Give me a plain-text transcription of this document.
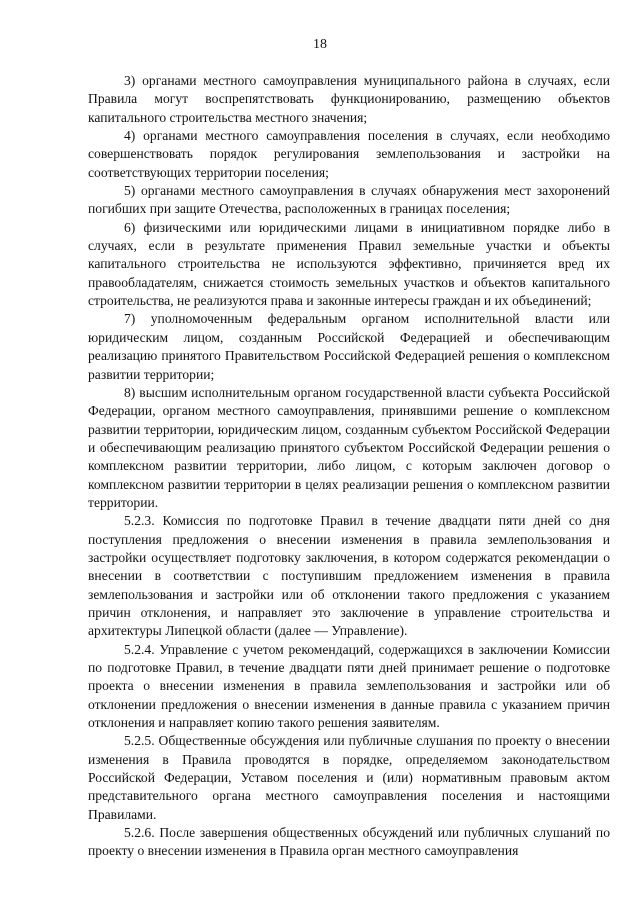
18

3) органами местного самоуправления муниципального района в случаях, если Правила могут воспрепятствовать функционированию, размещению объектов капитального строительства местного значения;

4) органами местного самоуправления поселения в случаях, если необходимо совершенствовать порядок регулирования землепользования и застройки на соответствующих территории поселения;

5) органами местного самоуправления в случаях обнаружения мест захоронений погибших при защите Отечества, расположенных в границах поселения;

6) физическими или юридическими лицами в инициативном порядке либо в случаях, если в результате применения Правил земельные участки и объекты капитального строительства не используются эффективно, причиняется вред их правообладателям, снижается стоимость земельных участков и объектов капитального строительства, не реализуются права и законные интересы граждан и их объединений;

7) уполномоченным федеральным органом исполнительной власти или юридическим лицом, созданным Российской Федерацией и обеспечивающим реализацию принятого Правительством Российской Федерацией решения о комплексном развитии территории;

8) высшим исполнительным органом государственной власти субъекта Российской Федерации, органом местного самоуправления, принявшими решение о комплексном развитии территории, юридическим лицом, созданным субъектом Российской Федерации и обеспечивающим реализацию принятого субъектом Российской Федерации решения о комплексном развитии территории, либо лицом, с которым заключен договор о комплексном развитии территории в целях реализации решения о комплексном развитии территории.

5.2.3. Комиссия по подготовке Правил в течение двадцати пяти дней со дня поступления предложения о внесении изменения в правила землепользования и застройки осуществляет подготовку заключения, в котором содержатся рекомендации о внесении в соответствии с поступившим предложением изменения в правила землепользования и застройки или об отклонении такого предложения с указанием причин отклонения, и направляет это заключение в управление строительства и архитектуры Липецкой области (далее — Управление).

5.2.4. Управление с учетом рекомендаций, содержащихся в заключении Комиссии по подготовке Правил, в течение двадцати пяти дней принимает решение о подготовке проекта о внесении изменения в правила землепользования и застройки или об отклонении предложения о внесении изменения в данные правила с указанием причин отклонения и направляет копию такого решения заявителям.

5.2.5. Общественные обсуждения или публичные слушания по проекту о внесении изменения в Правила проводятся в порядке, определяемом законодательством Российской Федерации, Уставом поселения и (или) нормативным правовым актом представительного органа местного самоуправления поселения и настоящими Правилами.

5.2.6. После завершения общественных обсуждений или публичных слушаний по проекту о внесении изменения в Правила орган местного самоуправления
